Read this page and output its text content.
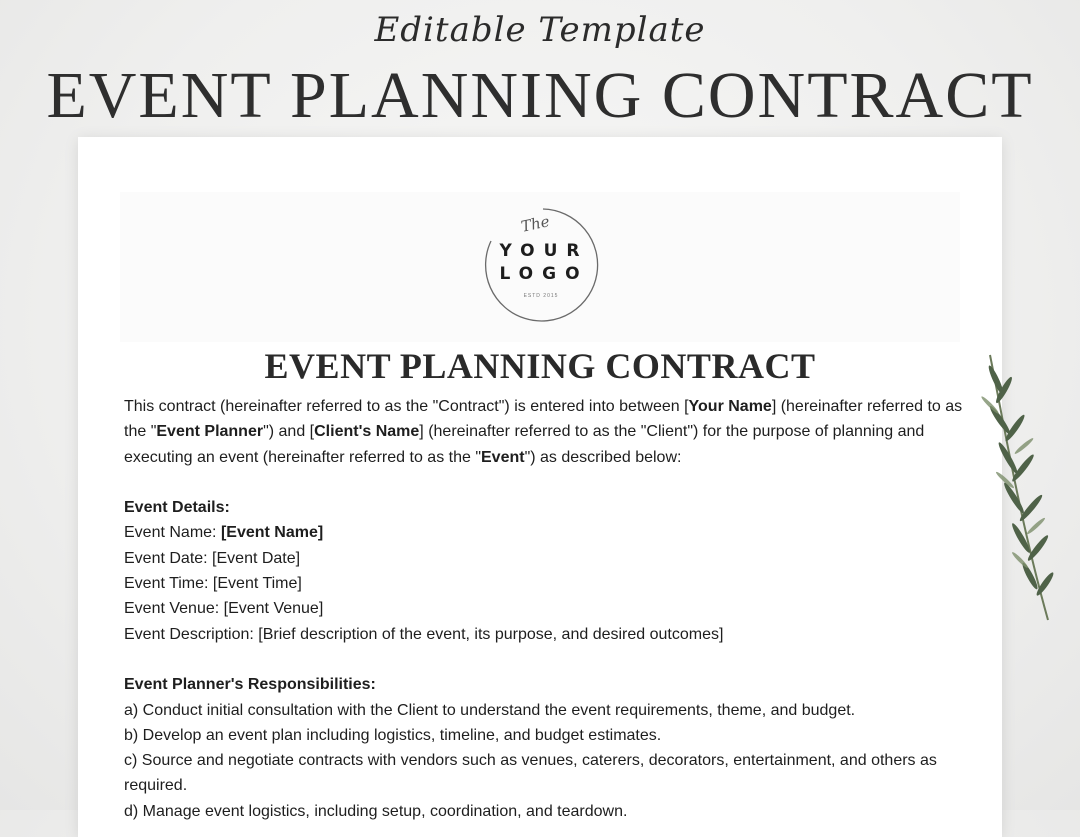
Editable Template
EVENT PLANNING CONTRACT
The
YOUR
LOGO
ESTD 2015
EVENT PLANNING CONTRACT

This contract (hereinafter referred to as the "Contract") is entered into between [Your Name] (hereinafter referred to as the "Event Planner") and [Client's Name] (hereinafter referred to as the "Client") for the purpose of planning and executing an event (hereinafter referred to as the "Event") as described below:

Event Details:

Event Name: [Event Name]

Event Date: [Event Date]

Event Time: [Event Time]

Event Venue: [Event Venue]

Event Description: [Brief description of the event, its purpose, and desired outcomes]

Event Planner's Responsibilities:

a) Conduct initial consultation with the Client to understand the event requirements, theme, and budget.

b) Develop an event plan including logistics, timeline, and budget estimates.

c) Source and negotiate contracts with vendors such as venues, caterers, decorators, entertainment, and others as required.

d) Manage event logistics, including setup, coordination, and teardown.
